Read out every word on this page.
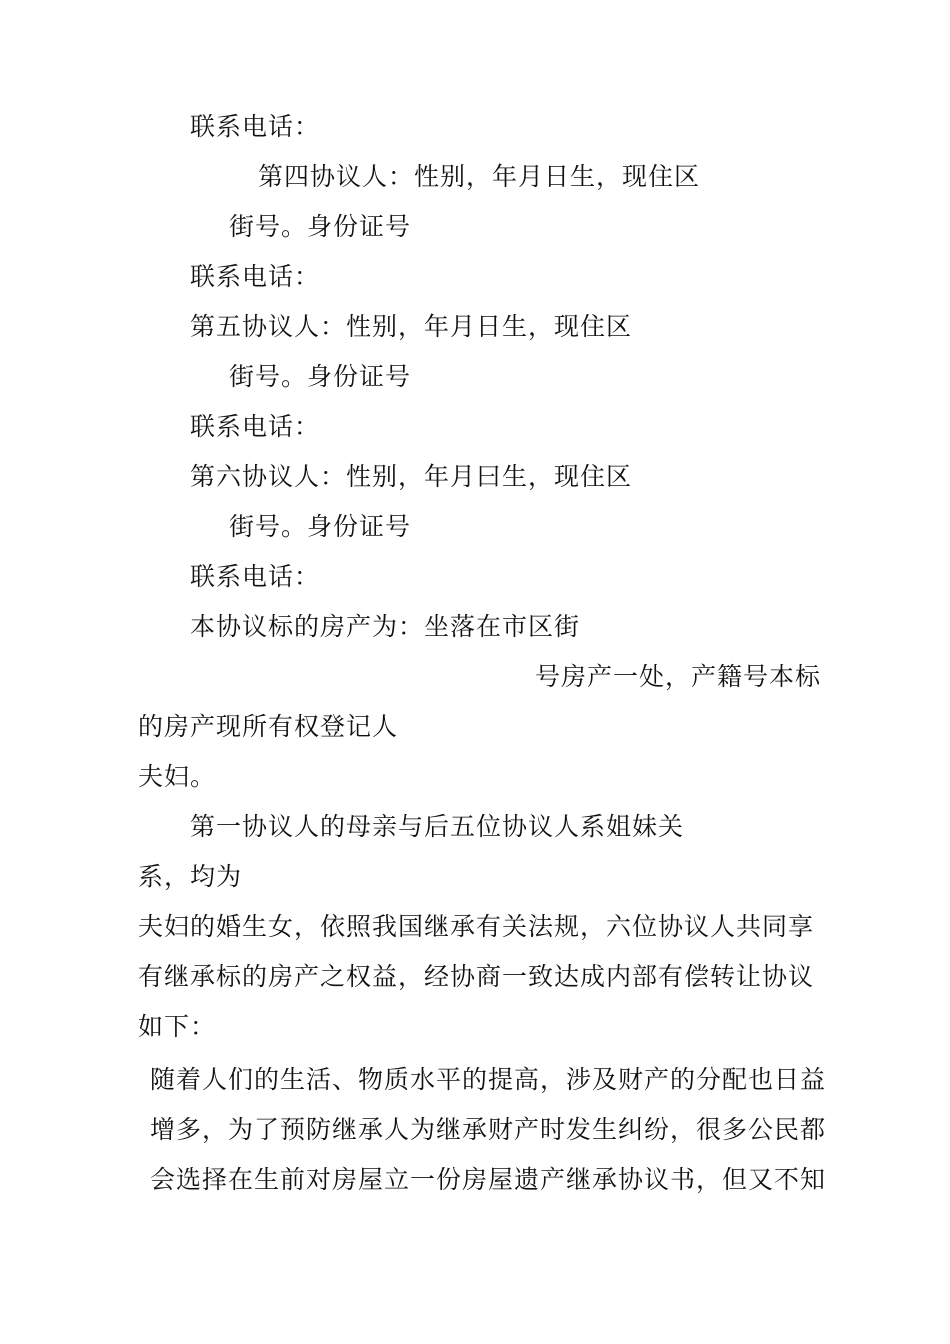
联系电话：
第四协议人：性别，年月日生，现住区
街号。身份证号
联系电话：
第五协议人：性别，年月日生，现住区
街号。身份证号
联系电话：
第六协议人：性别，年月曰生，现住区
街号。身份证号
联系电话：
本协议标的房产为：坐落在市区街
号房产一处，产籍号本标
的房产现所有权登记人
夫妇。
第一协议人的母亲与后五位协议人系姐妹关
系，均为
夫妇的婚生女，依照我国继承有关法规，六位协议人共同享
有继承标的房产之权益，经协商一致达成内部有偿转让协议
如下：
随着人们的生活、物质水平的提高，涉及财产的分配也日益
增多，为了预防继承人为继承财产时发生纠纷，很多公民都
会选择在生前对房屋立一份房屋遗产继承协议书，但又不知
